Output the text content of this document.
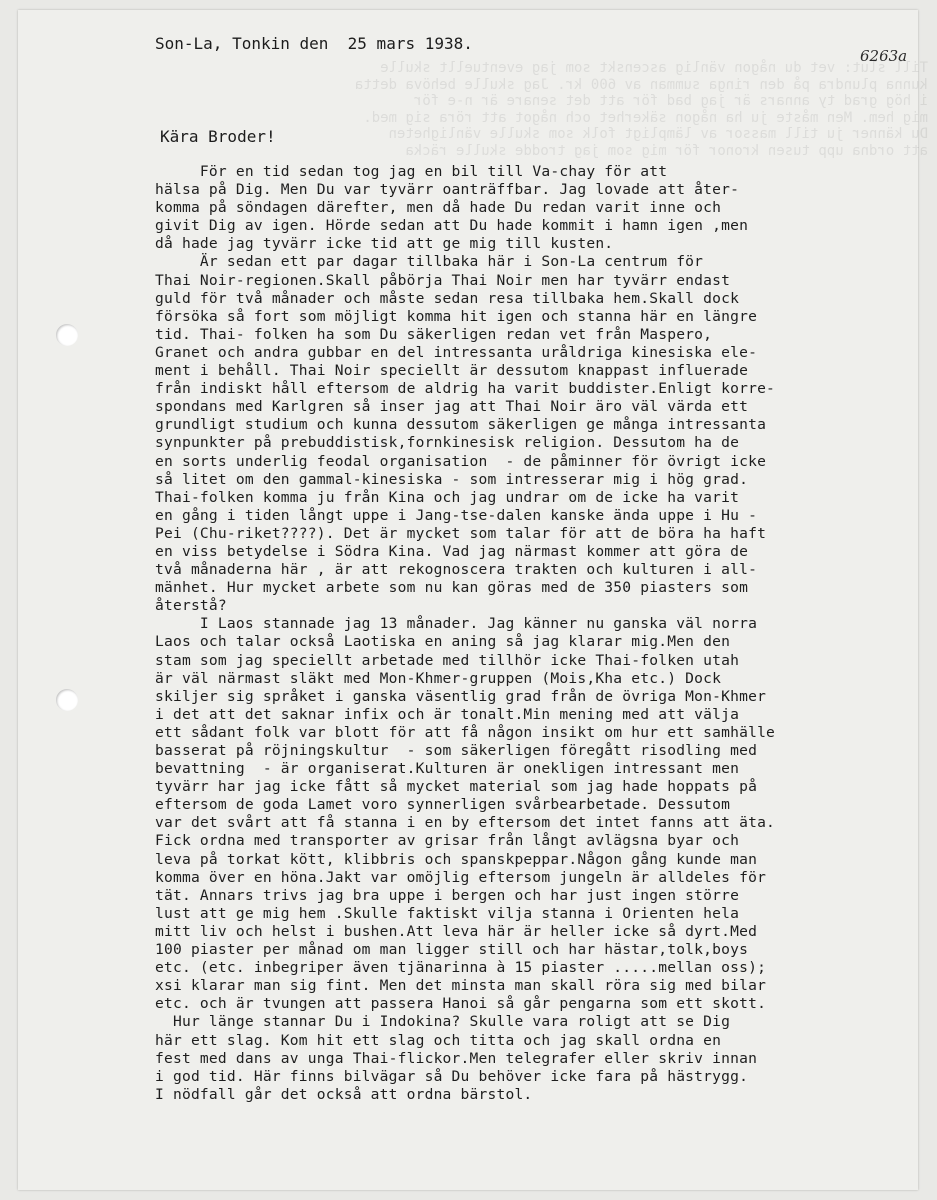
Till slut: vet du någon vänlig ascenskt som jag eventuellt skulle
kunna plundra på den ringa summan av 600 kr. Jag skulle behöva detta
i hög grad ty annars är jag bad för att det senare är n-e för
mig hem. Men måste ju ha någon säkerhet och något att röra sig med.
Du känner ju till massor av lämpligt folk som skulle vänligheten
att ordna upp tusen kronor för mig som jag trodde skulle räcka
6263a
Son-La, Tonkin den  25 mars 1938.
Kära Broder!
För en tid sedan tog jag en bil till Va-chay för att
hälsa på Dig. Men Du var tyvärr oanträffbar. Jag lovade att åter-
komma på söndagen därefter, men då hade Du redan varit inne och
givit Dig av igen. Hörde sedan att Du hade kommit i hamn igen ,men
då hade jag tyvärr icke tid att ge mig till kusten.
Är sedan ett par dagar tillbaka här i Son-La centrum för
Thai Noir-regionen.Skall påbörja Thai Noir men har tyvärr endast
guld för två månader och måste sedan resa tillbaka hem.Skall dock
försöka så fort som möjligt komma hit igen och stanna här en längre
tid. Thai- folken ha som Du säkerligen redan vet från Maspero,
Granet och andra gubbar en del intressanta uråldriga kinesiska ele-
ment i behåll. Thai Noir speciellt är dessutom knappast influerade
från indiskt håll eftersom de aldrig ha varit buddister.Enligt korre-
spondans med Karlgren så inser jag att Thai Noir äro väl värda ett
grundligt studium och kunna dessutom säkerligen ge många intressanta
synpunkter på prebuddistisk,fornkinesisk religion. Dessutom ha de
en sorts underlig feodal organisation  - de påminner för övrigt icke
så litet om den gammal-kinesiska - som intresserar mig i hög grad.
Thai-folken komma ju från Kina och jag undrar om de icke ha varit
en gång i tiden långt uppe i Jang-tse-dalen kanske ända uppe i Hu -
Pei (Chu-riket????). Det är mycket som talar för att de böra ha haft
en viss betydelse i Södra Kina. Vad jag närmast kommer att göra de
två månaderna här , är att rekognoscera trakten och kulturen i all-
mänhet. Hur mycket arbete som nu kan göras med de 350 piasters som
återstå?
I Laos stannade jag 13 månader. Jag känner nu ganska väl norra
Laos och talar också Laotiska en aning så jag klarar mig.Men den
stam som jag speciellt arbetade med tillhör icke Thai-folken utah
är väl närmast släkt med Mon-Khmer-gruppen (Mois,Kha etc.) Dock
skiljer sig språket i ganska väsentlig grad från de övriga Mon-Khmer
i det att det saknar infix och är tonalt.Min mening med att välja
ett sådant folk var blott för att få någon insikt om hur ett samhälle
basserat på röjningskultur  - som säkerligen föregått risodling med
bevattning  - är organiserat.Kulturen är onekligen intressant men
tyvärr har jag icke fått så mycket material som jag hade hoppats på
eftersom de goda Lamet voro synnerligen svårbearbetade. Dessutom
var det svårt att få stanna i en by eftersom det intet fanns att äta.
Fick ordna med transporter av grisar från långt avlägsna byar och
leva på torkat kött, klibbris och spanskpeppar.Någon gång kunde man
komma över en höna.Jakt var omöjlig eftersom jungeln är alldeles för
tät. Annars trivs jag bra uppe i bergen och har just ingen större
lust att ge mig hem .Skulle faktiskt vilja stanna i Orienten hela
mitt liv och helst i bushen.Att leva här är heller icke så dyrt.Med
100 piaster per månad om man ligger still och har hästar,tolk,boys
etc. (etc. inbegriper även tjänarinna à 15 piaster .....mellan oss);
xsi klarar man sig fint. Men det minsta man skall röra sig med bilar
etc. och är tvungen att passera Hanoi så går pengarna som ett skott.
Hur länge stannar Du i Indokina? Skulle vara roligt att se Dig
här ett slag. Kom hit ett slag och titta och jag skall ordna en
fest med dans av unga Thai-flickor.Men telegrafer eller skriv innan
i god tid. Här finns bilvägar så Du behöver icke fara på hästrygg.
I nödfall går det också att ordna bärstol.
